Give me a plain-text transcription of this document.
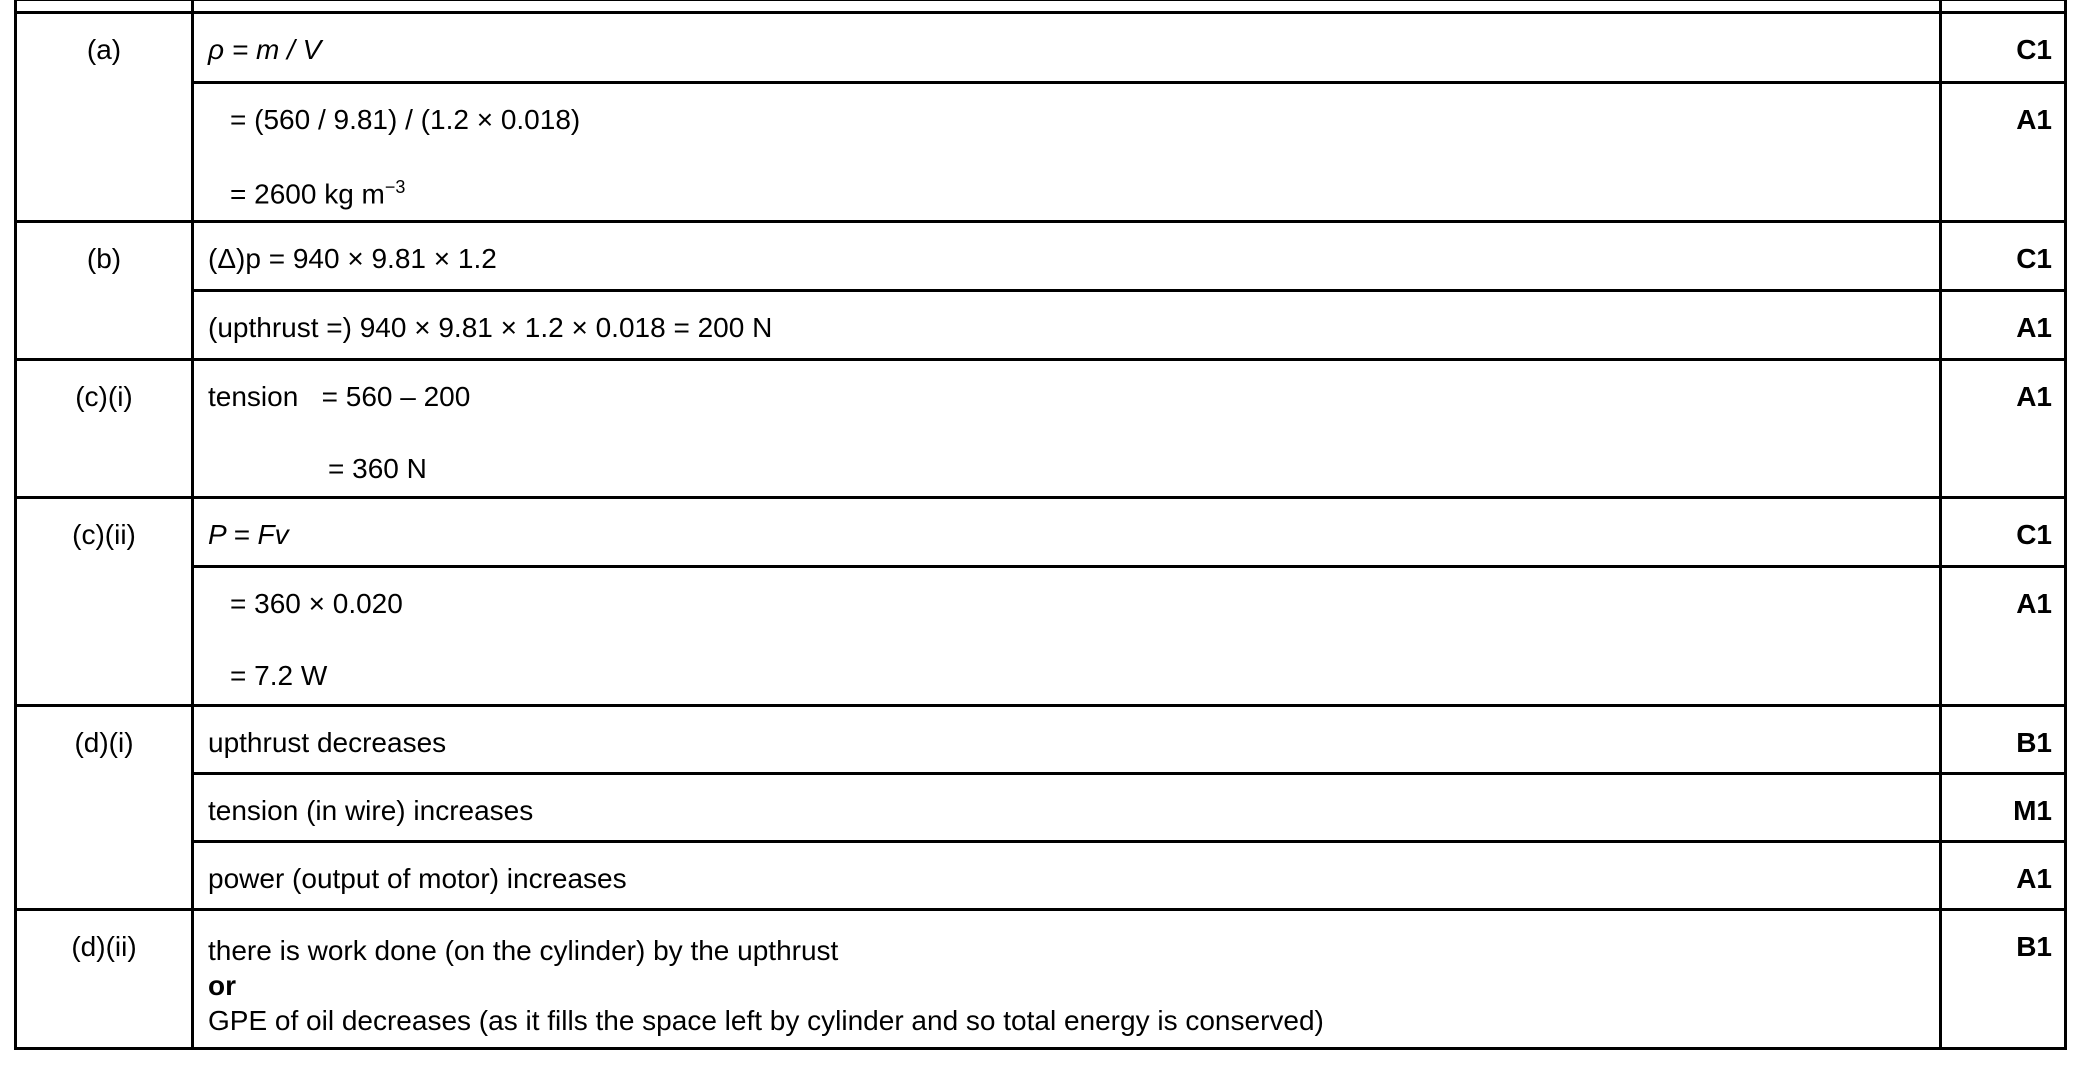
(a)	ρ = m / V	C1

	= (560 / 9.81) / (1.2 × 0.018)
= 2600 kg $m^{-3}$	A1

(b)	(Δ)p = 940 × 9.81 × 1.2	C1

	(upthrust =) 940 × 9.81 × 1.2 × 0.018 = 200 N	A1

(c)(i)	tension   = 560 – 200
= 360 N	A1

(c)(ii)	P = Fv	C1

	= 360 × 0.020
= 7.2 W	A1

(d)(i)	upthrust decreases	B1

	tension (in wire) increases	M1

	power (output of motor) increases	A1

(d)(ii)	there is work done (on the cylinder) by the upthrust
or
GPE of oil decreases (as it fills the space left by cylinder and so total energy is conserved)	B1
